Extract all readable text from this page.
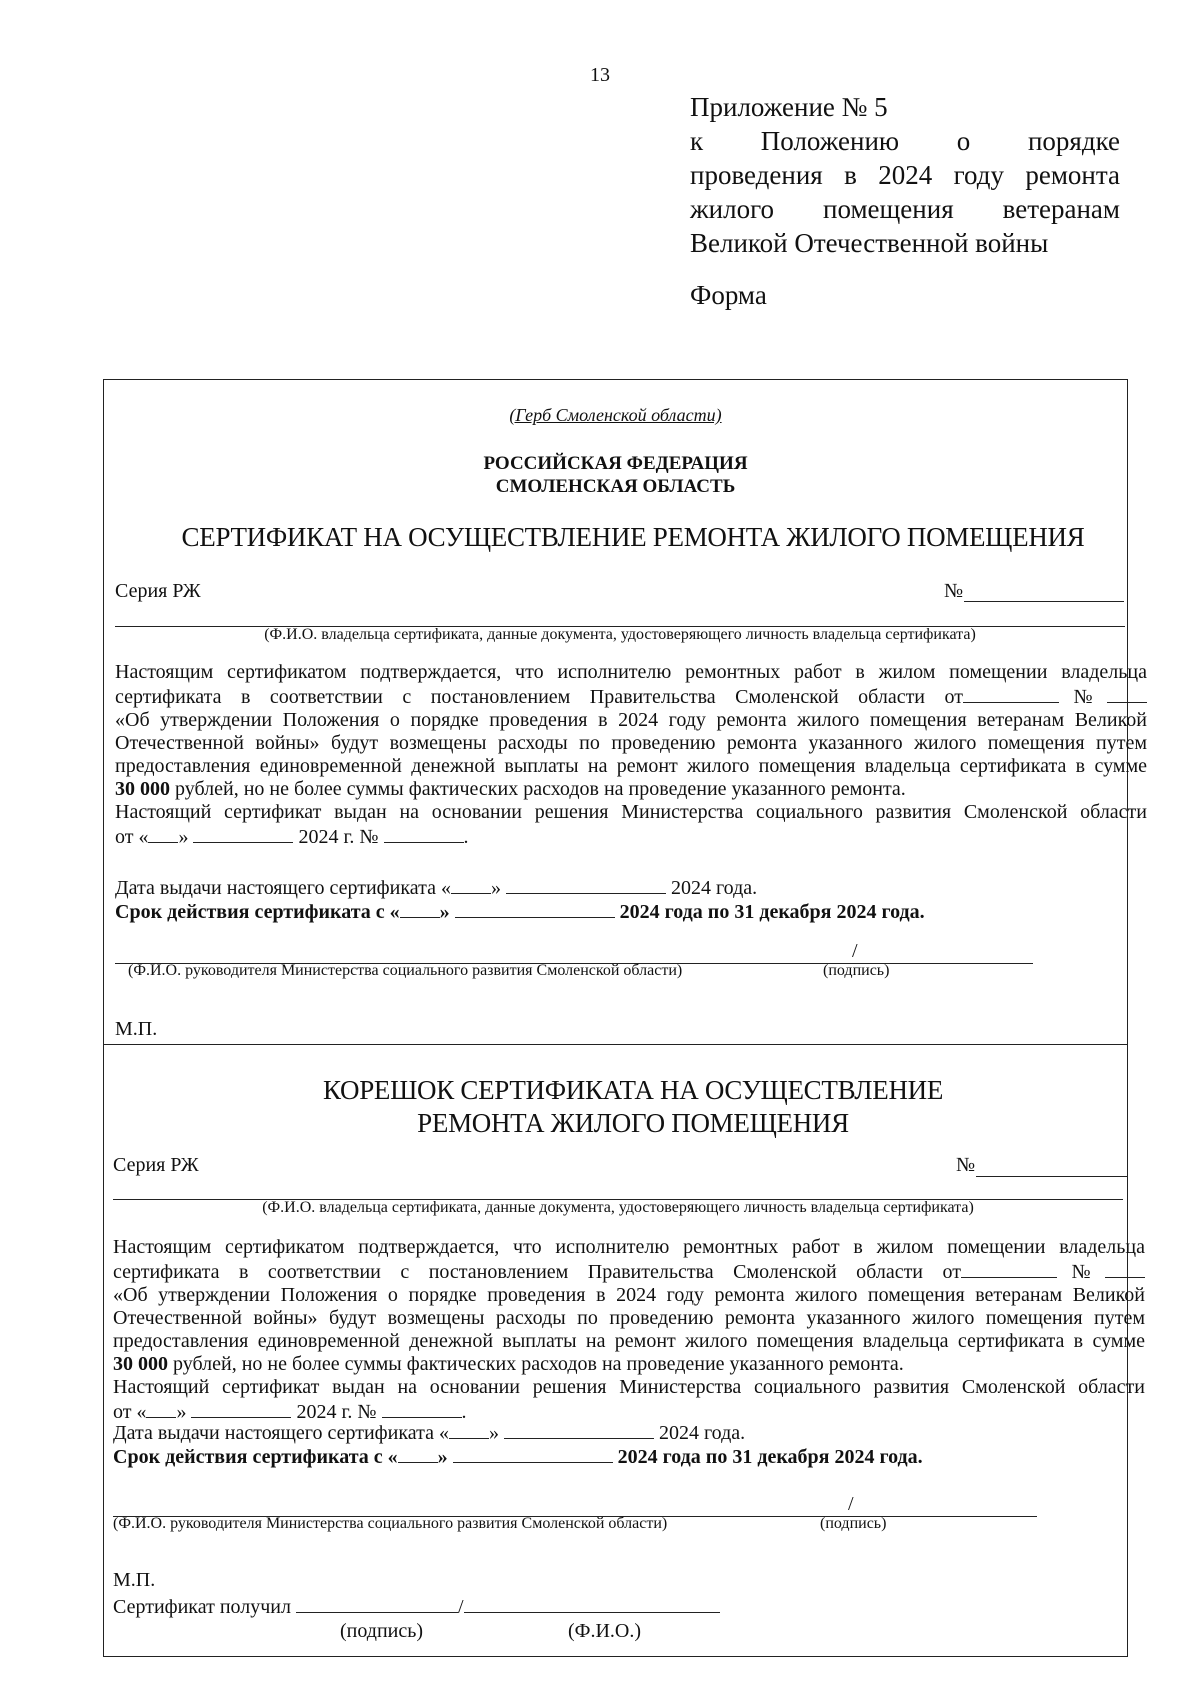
13
Приложение № 5
к Положению о порядке
проведения в 2024 году ремонта
жилого помещения ветеранам
Великой Отечественной войны
Форма
(Герб Смоленской области)
РОССИЙСКАЯ ФЕДЕРАЦИЯ
СМОЛЕНСКАЯ ОБЛАСТЬ
СЕРТИФИКАТ НА ОСУЩЕСТВЛЕНИЕ РЕМОНТА ЖИЛОГО ПОМЕЩЕНИЯ
Серия РЖ	№
(Ф.И.О. владельца сертификата, данные документа, удостоверяющего личность владельца сертификата)
Настоящим сертификатом подтверждается, что исполнителю ремонтных работ в жилом помещении владельца
сертификата в соответствии с постановлением Правительства Смоленской области от	№
«Об утверждении Положения о порядке проведения в 2024 году ремонта жилого помещения ветеранам Великой
Отечественной войны» будут возмещены расходы по проведению ремонта указанного жилого помещения путем
предоставления единовременной денежной выплаты на ремонт жилого помещения владельца сертификата в сумме
30 000 рублей, но не более суммы фактических расходов на проведение указанного ремонта.
Настоящий сертификат выдан на основании решения Министерства социального развития Смоленской области
от « »	2024 г. №	.
Дата выдачи настоящего сертификата « »	2024 года.
Срок действия сертификата с « »	2024 года по 31 декабря 2024 года.
/
(Ф.И.О. руководителя Министерства социального развития Смоленской области)	(подпись)
М.П.
КОРЕШОК СЕРТИФИКАТА НА ОСУЩЕСТВЛЕНИЕ
РЕМОНТА ЖИЛОГО ПОМЕЩЕНИЯ
Серия РЖ	№
(Ф.И.О. владельца сертификата, данные документа, удостоверяющего личность владельца сертификата)
Настоящим сертификатом подтверждается, что исполнителю ремонтных работ в жилом помещении владельца
сертификата в соответствии с постановлением Правительства Смоленской области от	№
«Об утверждении Положения о порядке проведения в 2024 году ремонта жилого помещения ветеранам Великой
Отечественной войны» будут возмещены расходы по проведению ремонта указанного жилого помещения путем
предоставления единовременной денежной выплаты на ремонт жилого помещения владельца сертификата в сумме
30 000 рублей, но не более суммы фактических расходов на проведение указанного ремонта.
Настоящий сертификат выдан на основании решения Министерства социального развития Смоленской области
от « »	2024 г. №	.
Дата выдачи настоящего сертификата « »	2024 года.
Срок действия сертификата с « »	2024 года по 31 декабря 2024 года.
/
(Ф.И.О. руководителя Министерства социального развития Смоленской области)	(подпись)
М.П.
Сертификат получил	/
(подпись)	(Ф.И.О.)
